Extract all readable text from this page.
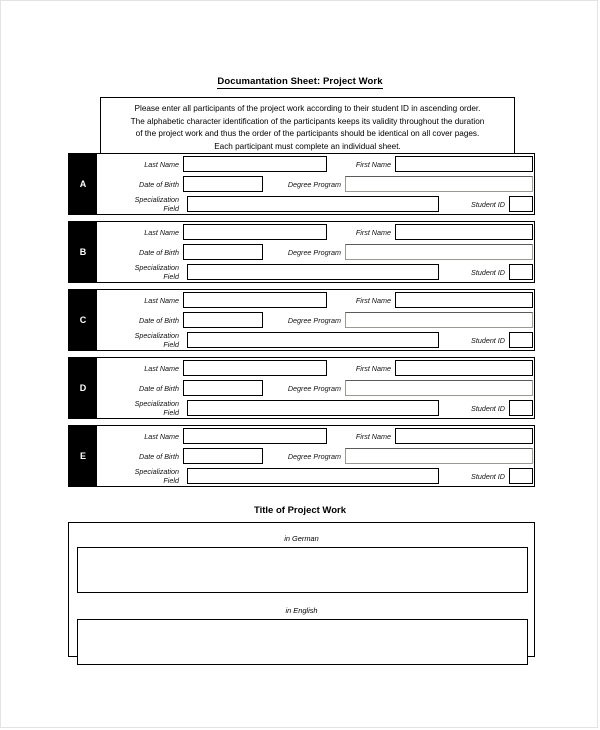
Documantation Sheet: Project Work
Please enter all participants of the project work according to their student ID in ascending order.
The alphabetic character identification of the participants keeps its validity throughout the duration
of the project work and thus the order of the participants should be identical on all cover pages.
Each participant must complete an individual sheet.
A
Last Name	First Name
Date of Birth	Degree Program
Specialization
Field	Student ID
B
Last Name	First Name
Date of Birth	Degree Program
Specialization
Field	Student ID
C
Last Name	First Name
Date of Birth	Degree Program
Specialization
Field	Student ID
D
Last Name	First Name
Date of Birth	Degree Program
Specialization
Field	Student ID
E
Last Name	First Name
Date of Birth	Degree Program
Specialization
Field	Student ID
Title of Project Work
in German
in English
